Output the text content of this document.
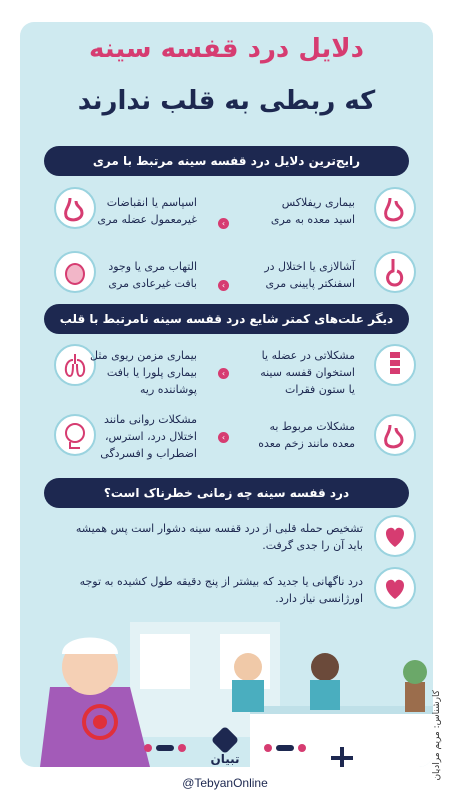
دلایل درد قفسه سینه
که ربطی به قلب ندارند
رایج‌ترین دلایل درد قفسه سینه مرتبط با مری
بیماری ریفلاکس
اسید معده به مری
‹
اسپاسم یا انقباضات
غیرمعمول عضله مری
آشالازی یا اختلال در
اسفنکتر پایینی مری
‹
التهاب مری یا وجود
بافت غیرعادی مری
دیگر علت‌های کمتر شایع درد قفسه سینه نامرتبط با قلب
مشکلاتی در عضله یا
استخوان قفسه سینه
یا ستون فقرات
‹
بیماری مزمن ریوی مثل
بیماری پلورا یا بافت
پوشاننده ریه
مشکلات مربوط به
معده مانند زخم معده
‹
مشکلات روانی مانند
اختلال درد، استرس،
اضطراب و افسردگی
درد قفسه سینه چه زمانی خطرناک است؟
تشخیص حمله قلبی از درد قفسه سینه دشوار است پس همیشه
باید آن را جدی گرفت.
درد ناگهانی یا جدید که بیشتر از پنج دقیقه طول کشیده به توجه
اورژانسی نیاز دارد.
کارشناس: مریم مرادیان
تبیان
@TebyanOnline
